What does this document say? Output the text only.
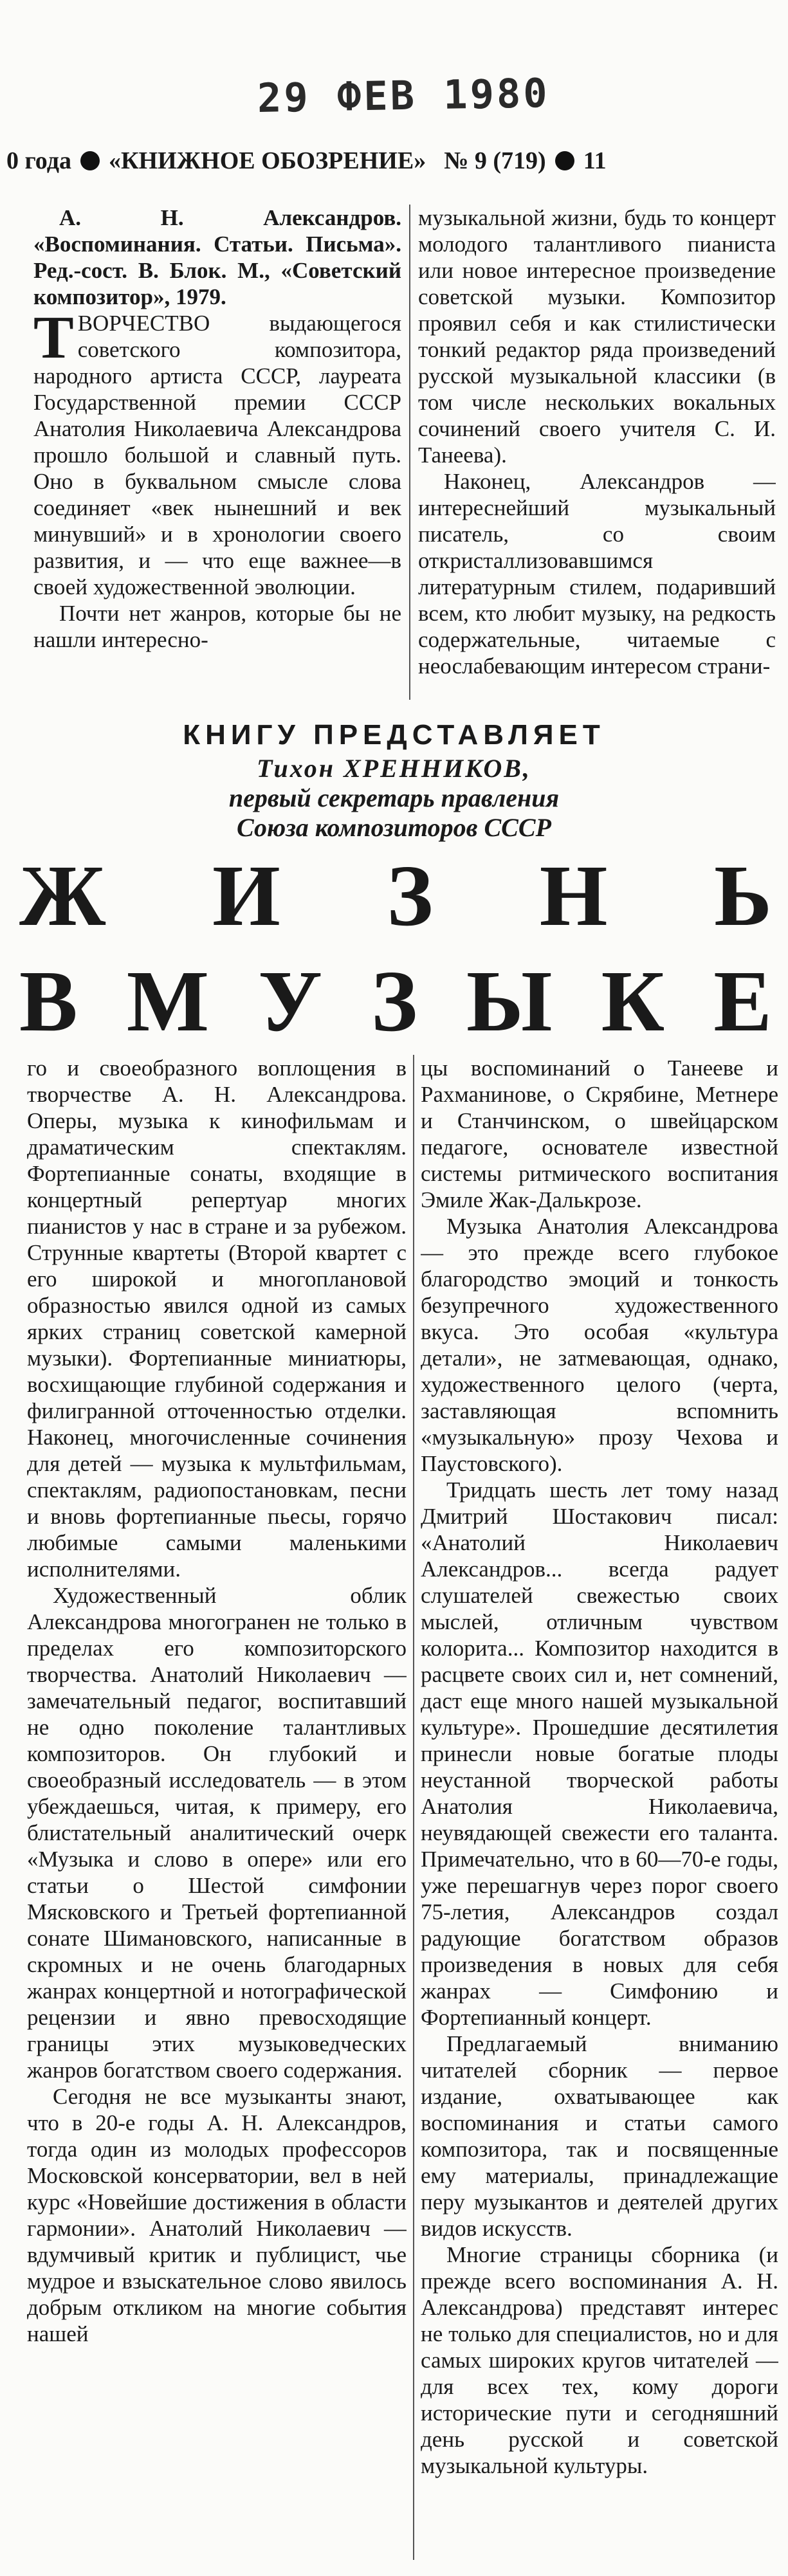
29 ФЕВ 1980
0 года «КНИЖНОЕ ОБОЗРЕНИЕ» № 9 (719) 11

А. Н. Александров. «Воспоминания. Статьи. Письма». Ред.-сост. В. Блок. М., «Советский композитор», 1979.

ТВОРЧЕСТВО выдающегося советского композитора, народного артиста СССР, лауреата Государственной премии СССР Анатолия Николаевича Александрова прошло большой и славный путь. Оно в буквальном смысле слова соединяет «век нынешний и век минувший» и в хронологии своего развития, и — что еще важнее—в своей художественной эволюции.

Почти нет жанров, которые бы не нашли интересно-

музыкальной жизни, будь то концерт молодого талантливого пианиста или новое интересное произведение советской музыки. Композитор проявил себя и как стилистически тонкий редактор ряда произведений русской музыкальной классики (в том числе нескольких вокальных сочинений своего учителя С. И. Танеева).

Наконец, Александров — интереснейший музыкальный писатель, со своим откристаллизовавшимся литературным стилем, подаривший всем, кто любит музыку, на редкость содержательные, читаемые с неослабевающим интересом страни-

КНИГУ ПРЕДСТАВЛЯЕТ
Тихон ХРЕННИКОВ,
первый секретарь правления
Союза композиторов СССР
Ж И З Н Ь
В М У З Ы К Е

го и своеобразного воплощения в творчестве А. Н. Александрова. Оперы, музыка к кинофильмам и драматическим спектаклям. Фортепианные сонаты, входящие в концертный репертуар многих пианистов у нас в стране и за рубежом. Струнные квартеты (Второй квартет с его широкой и многоплановой образностью явился одной из самых ярких страниц советской камерной музыки). Фортепианные миниатюры, восхищающие глубиной содержания и филигранной отточенностью отделки. Наконец, многочисленные сочинения для детей — музыка к мультфильмам, спектаклям, радиопостановкам, песни и вновь фортепианные пьесы, горячо любимые самыми маленькими исполнителями.

Художественный облик Александрова многогранен не только в пределах его композиторского творчества. Анатолий Николаевич — замечательный педагог, воспитавший не одно поколение талантливых композиторов. Он глубокий и своеобразный исследователь — в этом убеждаешься, читая, к примеру, его блистательный аналитический очерк «Музыка и слово в опере» или его статьи о Шестой симфонии Мясковского и Третьей фортепианной сонате Шимановского, написанные в скромных и не очень благодарных жанрах концертной и нотографической рецензии и явно превосходящие границы этих музыковедческих жанров богатством своего содержания.

Сегодня не все музыканты знают, что в 20-е годы А. Н. Александров, тогда один из молодых профессоров Московской консерватории, вел в ней курс «Новейшие достижения в области гармонии». Анатолий Николаевич — вдумчивый критик и публицист, чье мудрое и взыскательное слово явилось добрым откликом на многие события нашей

цы воспоминаний о Танееве и Рахманинове, о Скрябине, Метнере и Станчинском, о швейцарском педагоге, основателе известной системы ритмического воспитания Эмиле Жак-Далькрозе.

Музыка Анатолия Александрова — это прежде всего глубокое благородство эмоций и тонкость безупречного художественного вкуса. Это особая «культура детали», не затмевающая, однако, художественного целого (черта, заставляющая вспомнить «музыкальную» прозу Чехова и Паустовского).

Тридцать шесть лет тому назад Дмитрий Шостакович писал: «Анатолий Николаевич Александров... всегда радует слушателей свежестью своих мыслей, отличным чувством колорита... Композитор находится в расцвете своих сил и, нет сомнений, даст еще много нашей музыкальной культуре». Прошедшие десятилетия принесли новые богатые плоды неустанной творческой работы Анатолия Николаевича, неувядающей свежести его таланта. Примечательно, что в 60—70-е годы, уже перешагнув через порог своего 75-летия, Александров создал радующие богатством образов произведения в новых для себя жанрах — Симфонию и Фортепианный концерт.

Предлагаемый вниманию читателей сборник — первое издание, охватывающее как воспоминания и статьи самого композитора, так и посвященные ему материалы, принадлежащие перу музыкантов и деятелей других видов искусств.

Многие страницы сборника (и прежде всего воспоминания А. Н. Александрова) представят интерес не только для специалистов, но и для самых широких кругов читателей — для всех тех, кому дороги исторические пути и сегодняшний день русской и советской музыкальной культуры.
